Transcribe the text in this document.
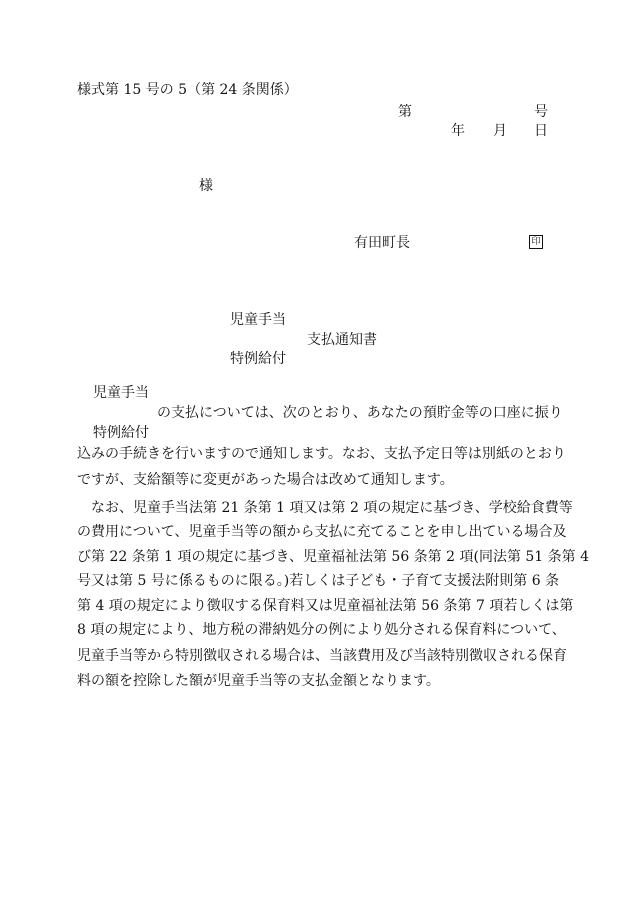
様式第 15 号の 5（第 24 条関係）
第	号
年 月 日
様
有田町長	印
児童手当
支払通知書
特例給付
児童手当
の支払については、次のとおり、あなたの預貯金等の口座に振り
特例給付
込みの手続きを行いますので通知します。なお、支払予定日等は別紙のとおり
ですが、支給額等に変更があった場合は改めて通知します。
　なお、児童手当法第 21 条第 1 項又は第 2 項の規定に基づき、学校給食費等
の費用について、児童手当等の額から支払に充てることを申し出ている場合及
び第 22 条第 1 項の規定に基づき、児童福祉法第 56 条第 2 項(同法第 51 条第 4
号又は第 5 号に係るものに限る。)若しくは子ども・子育て支援法附則第 6 条
第 4 項の規定により徴収する保育料又は児童福祉法第 56 条第 7 項若しくは第
8 項の規定により、地方税の滞納処分の例により処分される保育料について、
児童手当等から特別徴収される場合は、当該費用及び当該特別徴収される保育
料の額を控除した額が児童手当等の支払金額となります。
